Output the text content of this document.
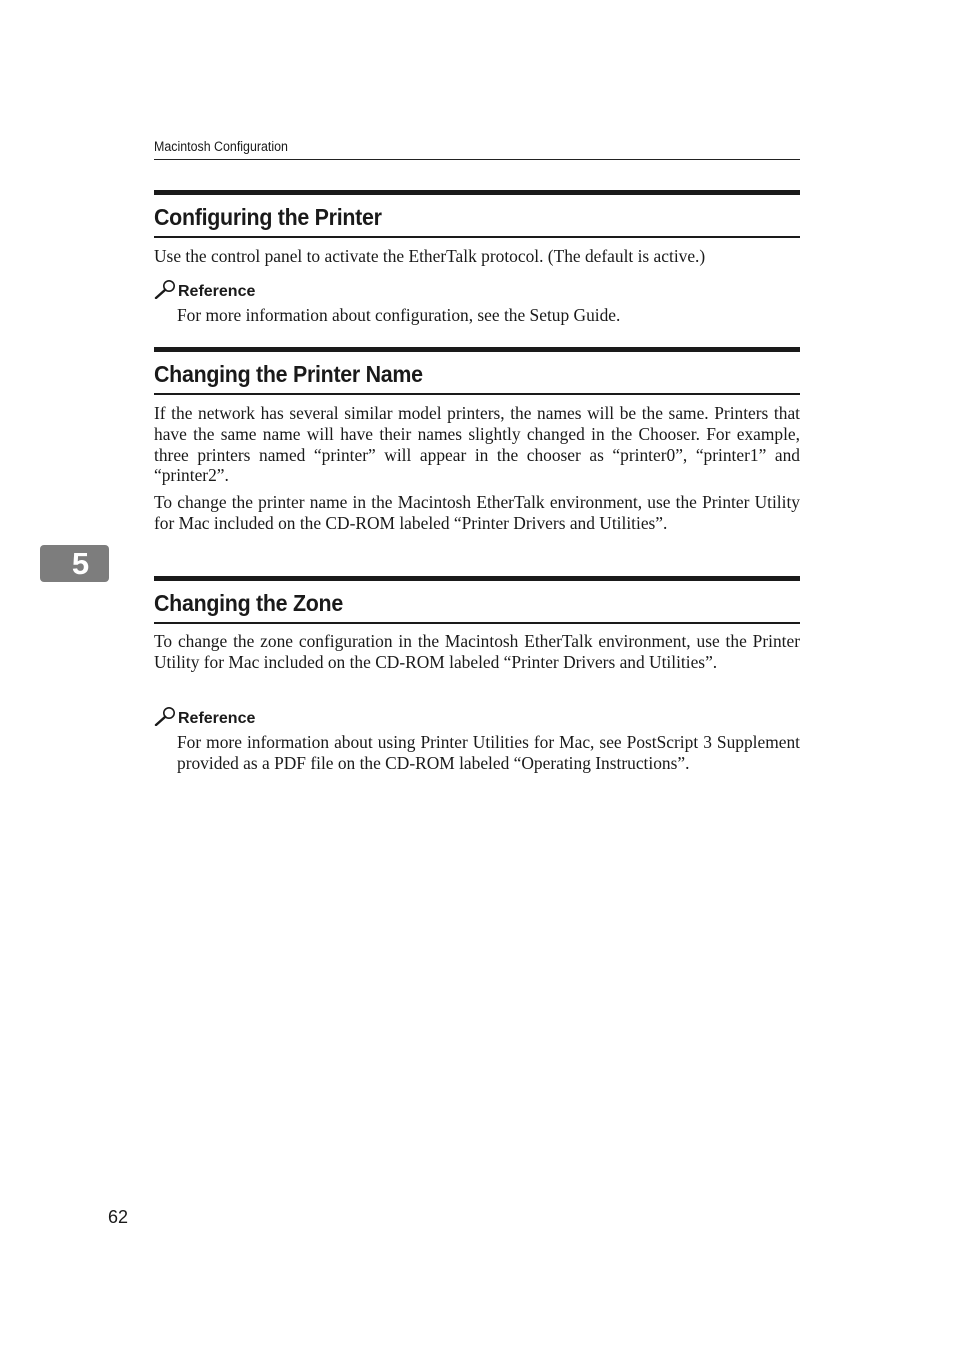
Macintosh Configuration
Configuring the Printer

Use the control panel to activate the EtherTalk protocol. (The default is active.)

Reference

For more information about configuration, see the Setup Guide.

Changing the Printer Name

If the network has several similar model printers, the names will be the same. Printers that have the same name will have their names slightly changed in the Chooser. For example, three printers named “printer” will appear in the chooser as “printer0”, “printer1” and “printer2”.

To change the printer name in the Macintosh EtherTalk environment, use the Printer Utility for Mac included on the CD-ROM labeled “Printer Drivers and Utilities”.

5
Changing the Zone

To change the zone configuration in the Macintosh EtherTalk environment, use the Printer Utility for Mac included on the CD-ROM labeled “Printer Drivers and Utilities”.

Reference

For more information about using Printer Utilities for Mac, see PostScript 3 Supplement provided as a PDF file on the CD-ROM labeled “Operating Instructions”.

62
